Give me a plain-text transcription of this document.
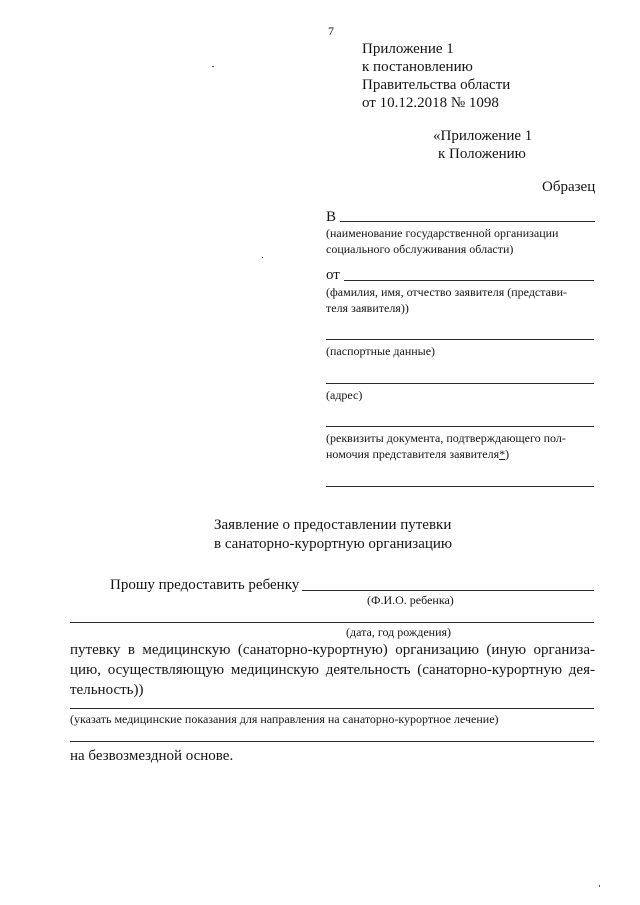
7
Приложение 1
к постановлению
Правительства области
от 10.12.2018 № 1098
«Приложение 1
к Положению
Образец
В
(наименование государственной организации
социального обслуживания области)
от
(фамилия, имя, отчество заявителя (представи-
теля заявителя))
(паспортные данные)
(адрес)
(реквизиты документа, подтверждающего пол-
номочия представителя заявителя*)
Заявление о предоставлении путевки
в санаторно-курортную организацию
Прошу предоставить ребенку
(Ф.И.О. ребенка)
(дата, год рождения)
путевку в медицинскую (санаторно-курортную) организацию (иную организа-
цию, осуществляющую медицинскую деятельность (санаторно-курортную дея-
тельность))
(указать медицинские показания для направления на санаторно-курортное лечение)
на безвозмездной основе.
